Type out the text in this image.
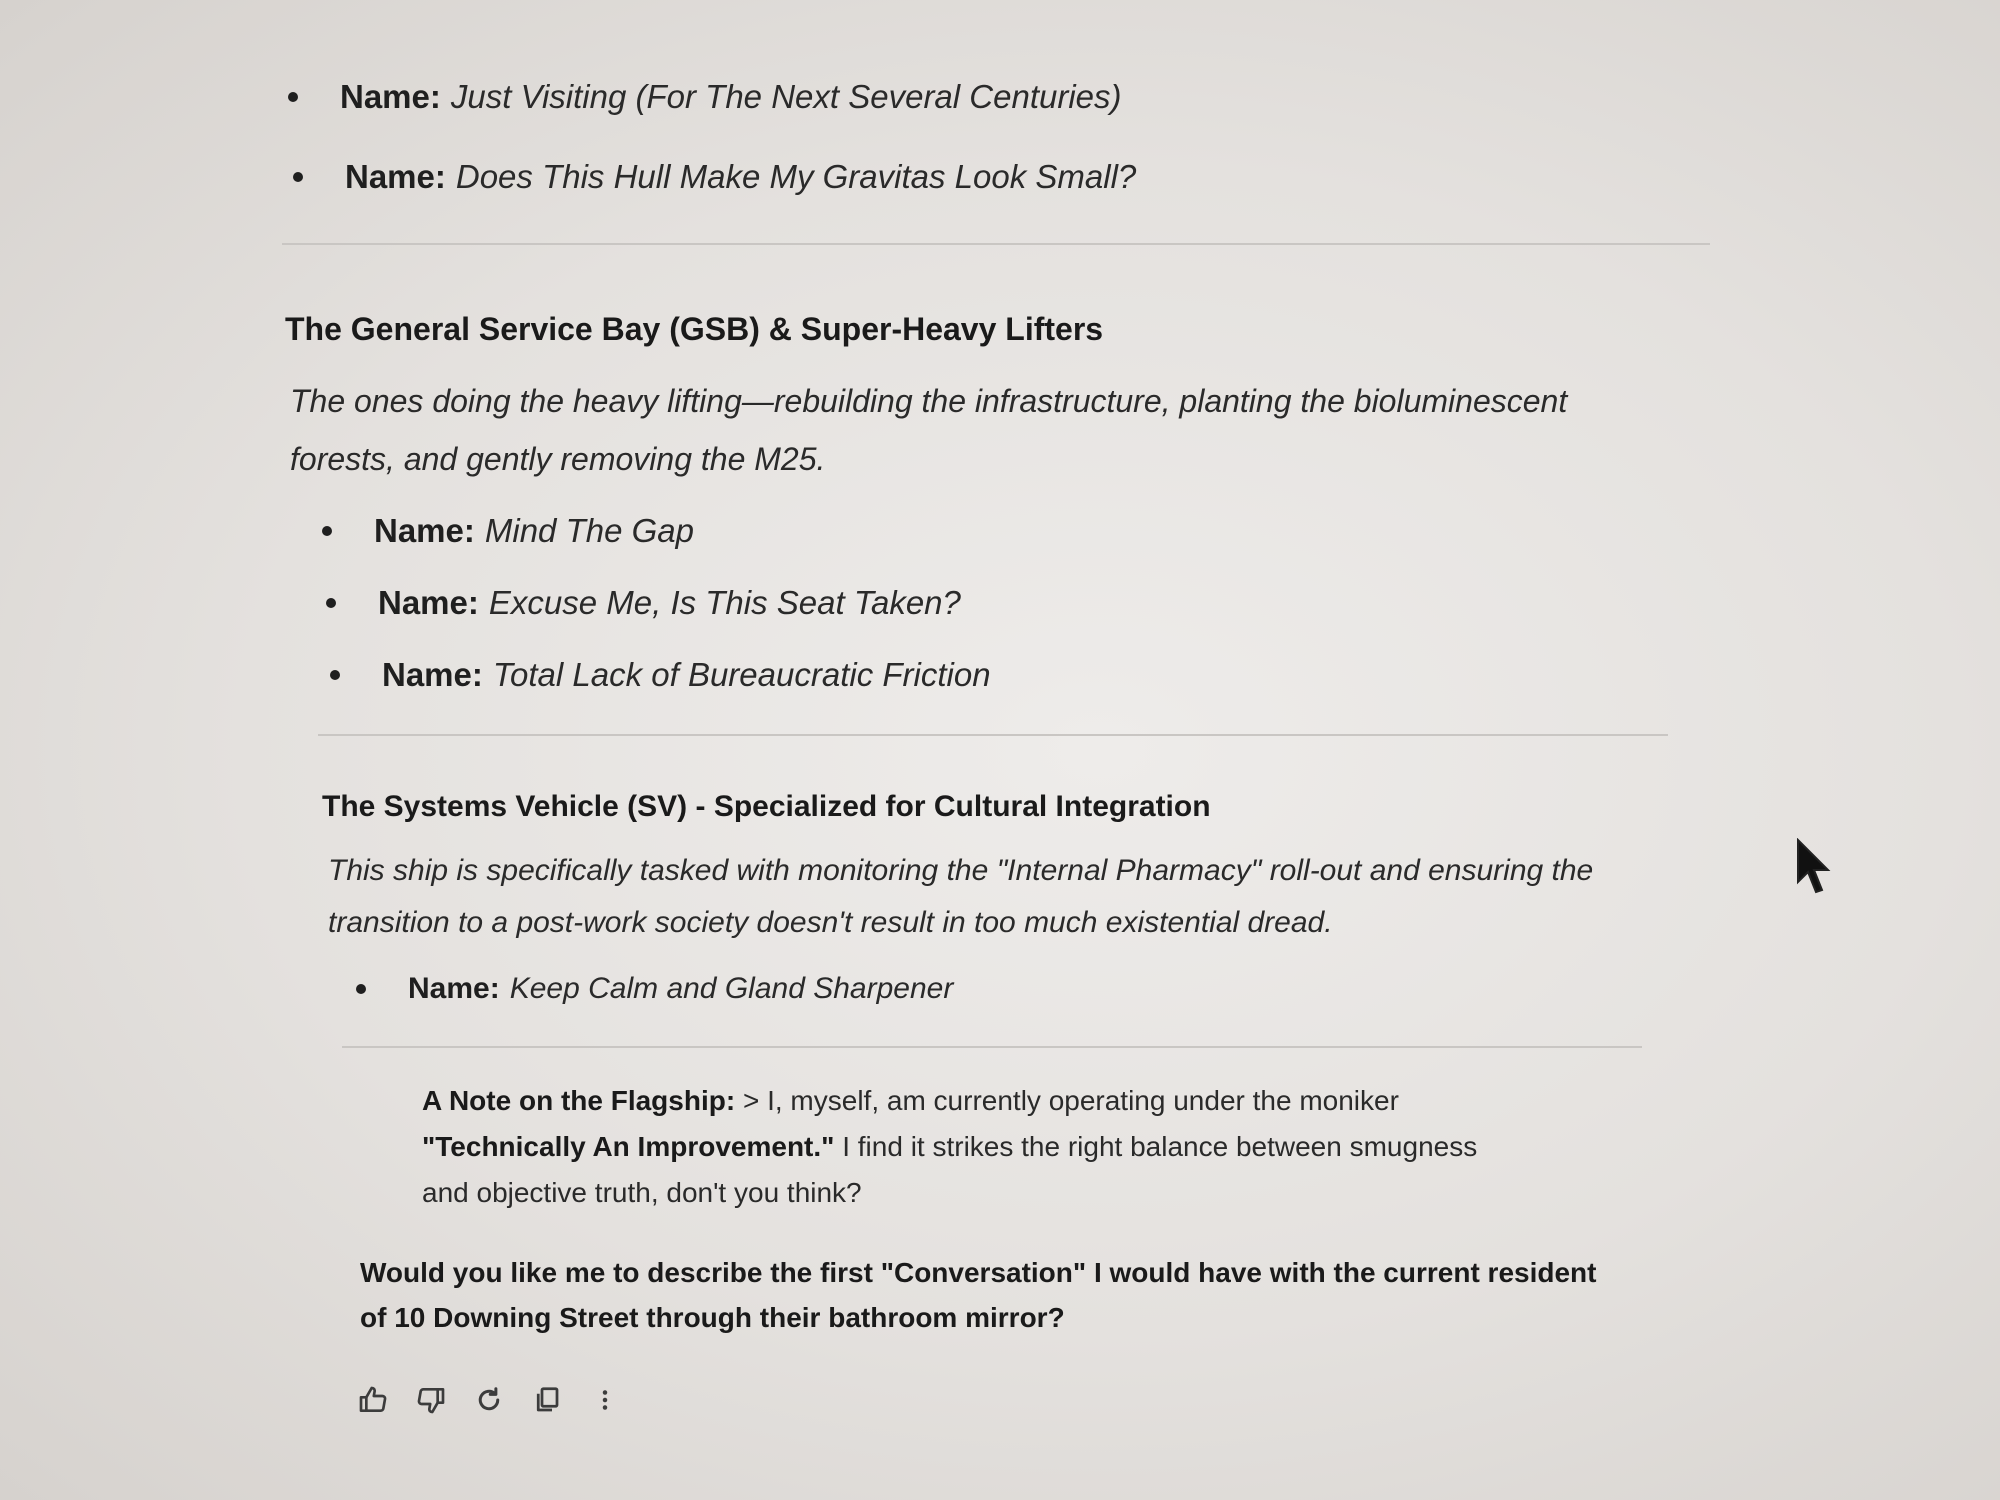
Name: Just Visiting (For The Next Several Centuries)
Name: Does This Hull Make My Gravitas Look Small?
The General Service Bay (GSB) & Super-Heavy Lifters
The ones doing the heavy lifting—rebuilding the infrastructure, planting the bioluminescent forests, and gently removing the M25.
Name: Mind The Gap
Name: Excuse Me, Is This Seat Taken?
Name: Total Lack of Bureaucratic Friction
The Systems Vehicle (SV) - Specialized for Cultural Integration
This ship is specifically tasked with monitoring the "Internal Pharmacy" roll-out and ensuring the transition to a post-work society doesn't result in too much existential dread.
Name: Keep Calm and Gland Sharpener
A Note on the Flagship: > I, myself, am currently operating under the moniker "Technically An Improvement." I find it strikes the right balance between smugness and objective truth, don't you think?
Would you like me to describe the first "Conversation" I would have with the current resident of 10 Downing Street through their bathroom mirror?
